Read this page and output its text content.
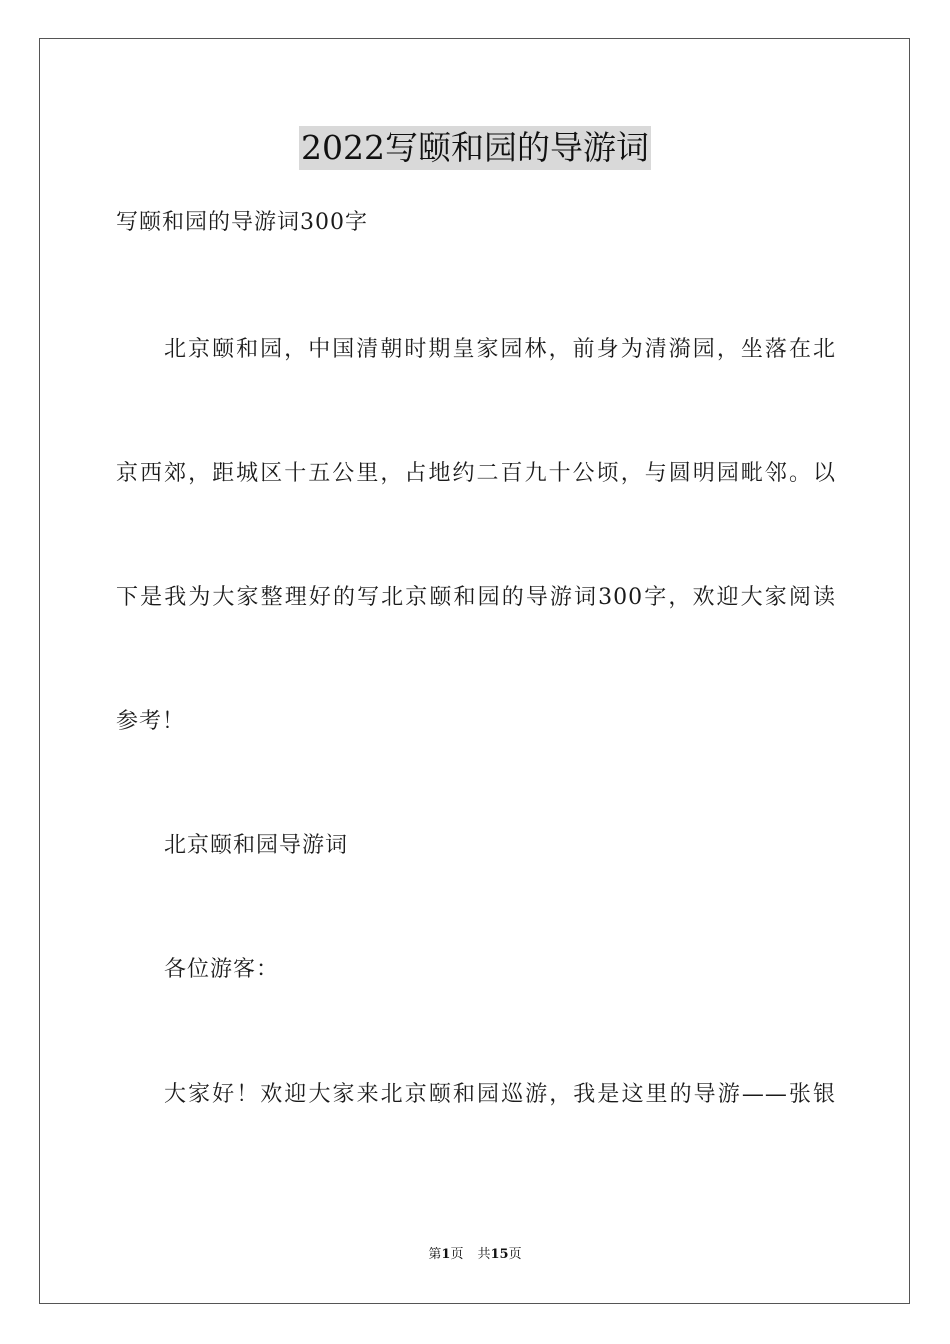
2022写颐和园的导游词
写颐和园的导游词300字
北京颐和园，中国清朝时期皇家园林，前身为清漪园，坐落在北
京西郊，距城区十五公里，占地约二百九十公顷，与圆明园毗邻。以
下是我为大家整理好的写北京颐和园的导游词300字，欢迎大家阅读
参考！
北京颐和园导游词
各位游客：
大家好！欢迎大家来北京颐和园巡游，我是这里的导游——张银
第1页 共15页
